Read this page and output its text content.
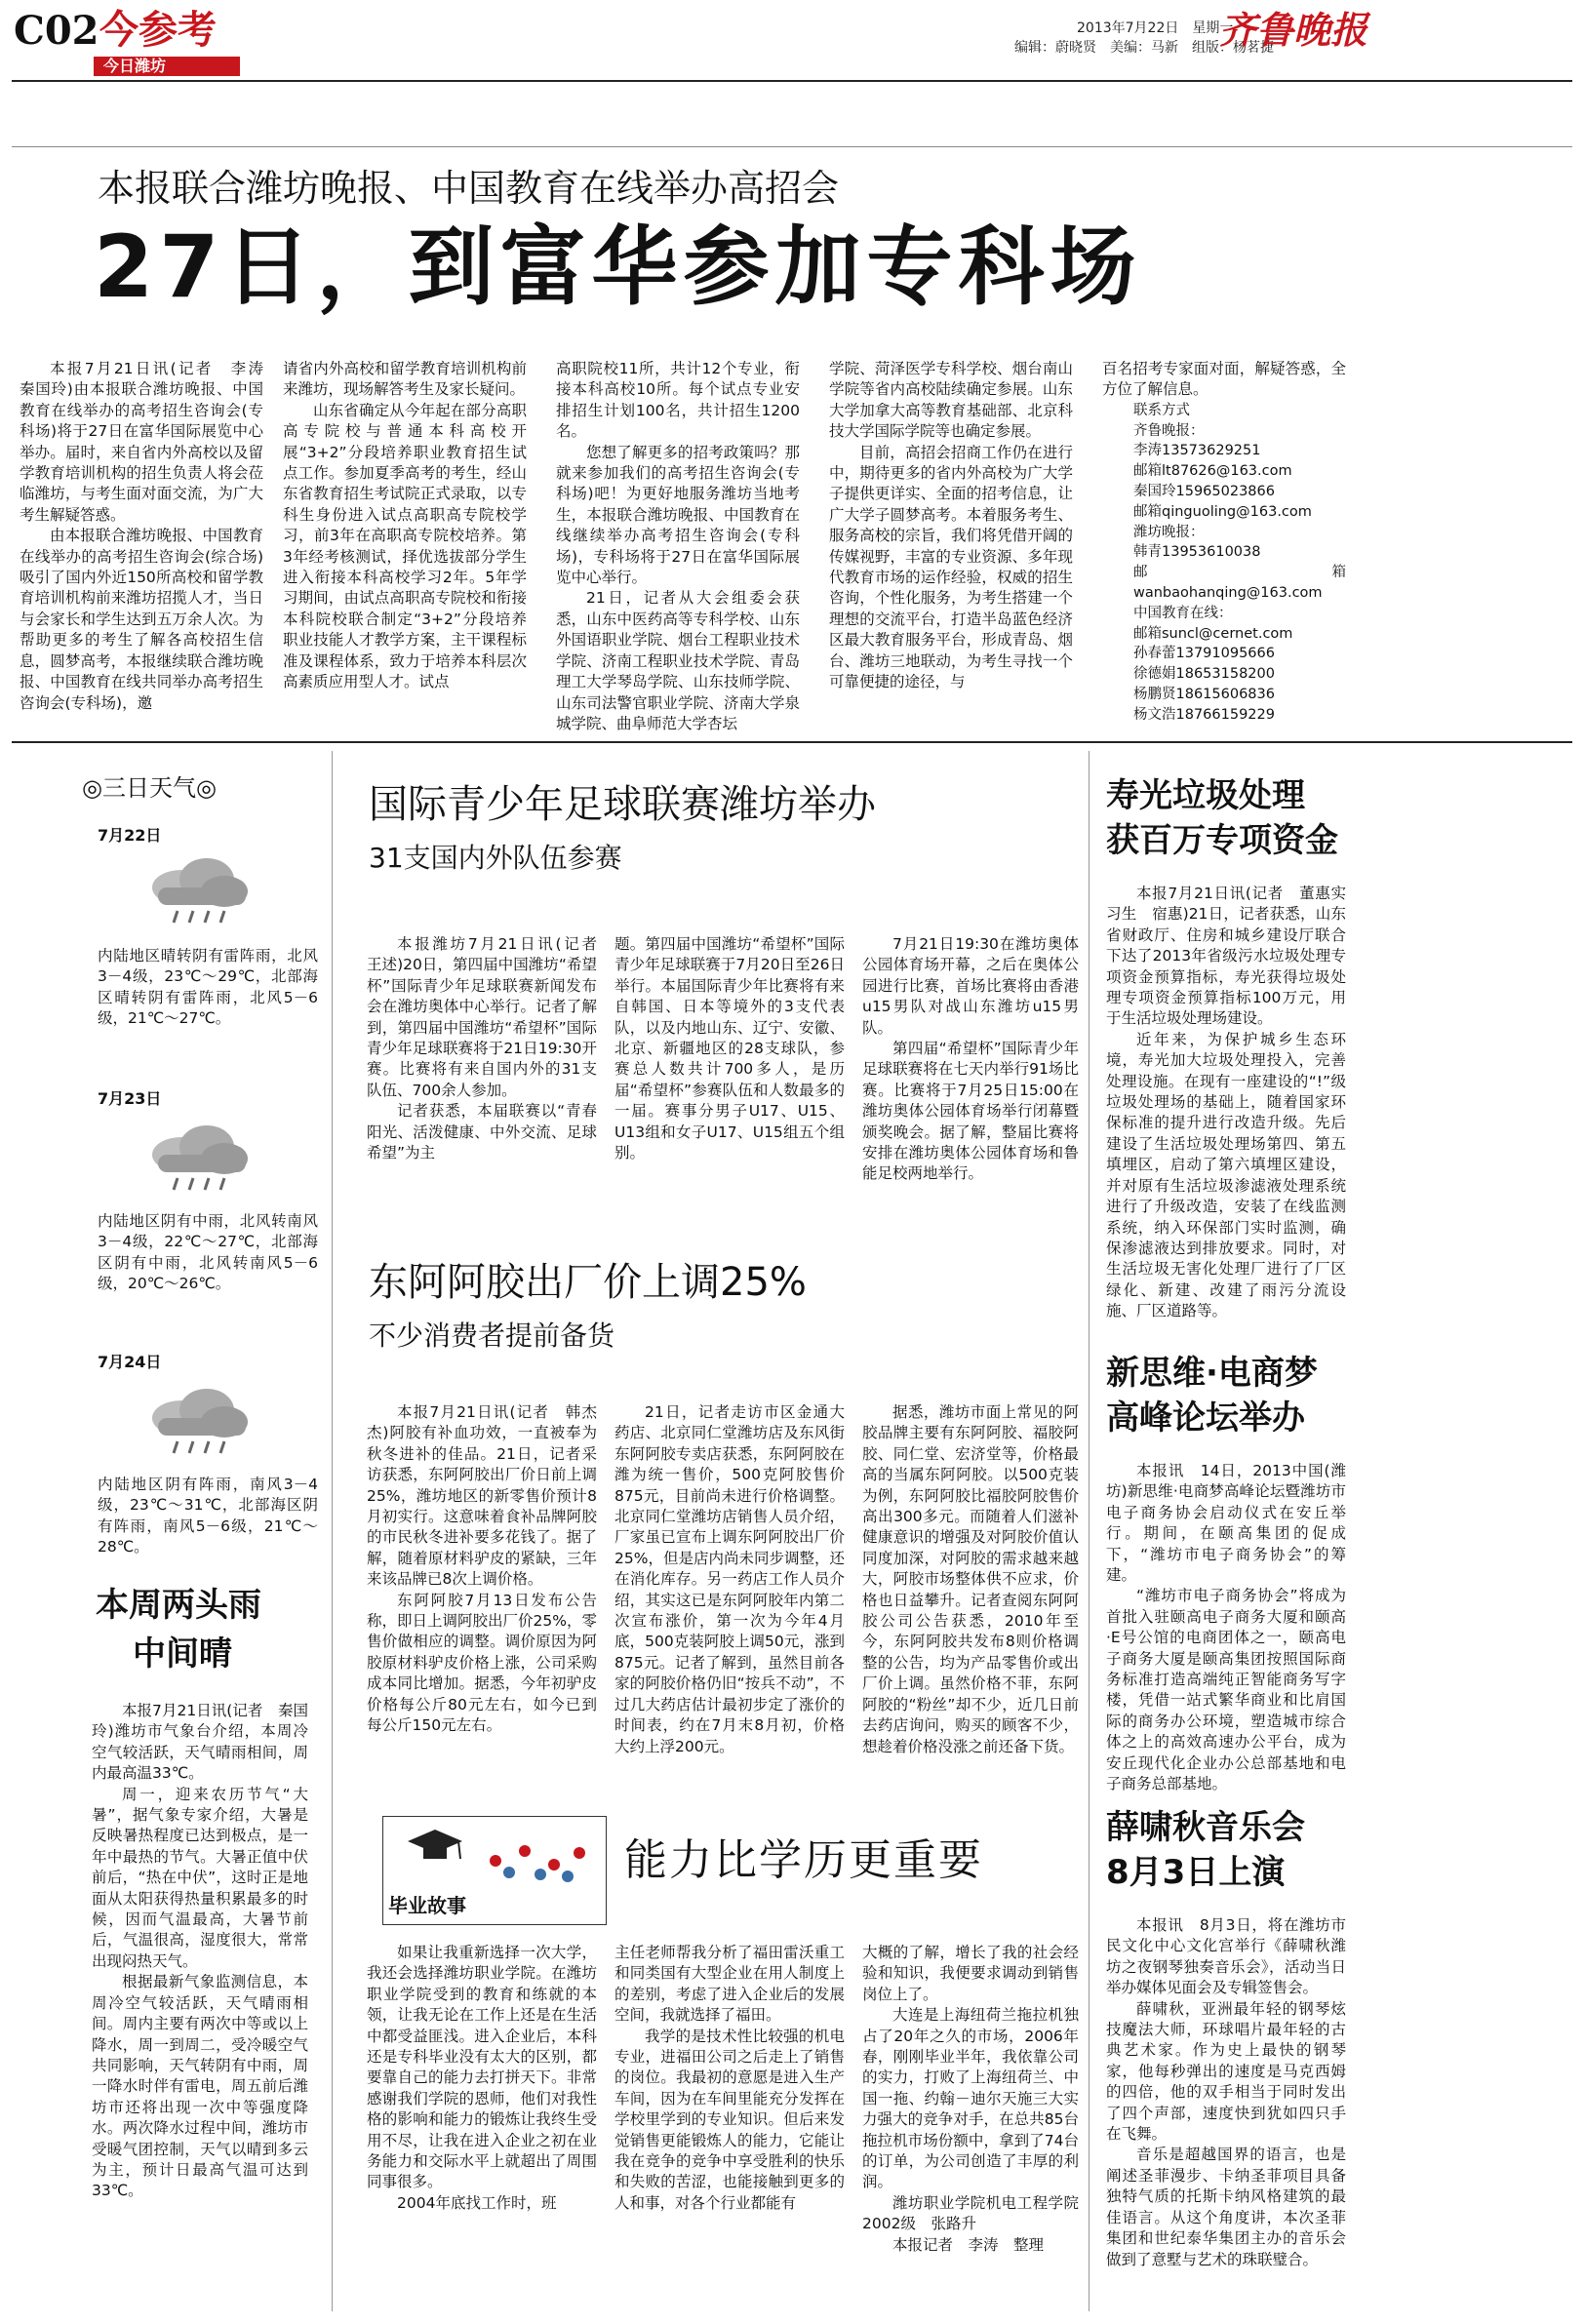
C02 今参考
今日潍坊
2013年7月22日　星期一
编辑：蔚晓贤　美编：马新　组版：杨茗捷
齐鲁晚报
本报联合潍坊晚报、中国教育在线举办高招会
27日，到富华参加专科场

本报7月21日讯(记者　李涛　秦国玲)由本报联合潍坊晚报、中国教育在线举办的高考招生咨询会(专科场)将于27日在富华国际展览中心举办。届时，来自省内外高校以及留学教育培训机构的招生负责人将会莅临潍坊，与考生面对面交流，为广大考生解疑答惑。

由本报联合潍坊晚报、中国教育在线举办的高考招生咨询会(综合场)吸引了国内外近150所高校和留学教育培训机构前来潍坊招揽人才，当日与会家长和学生达到五万余人次。为帮助更多的考生了解各高校招生信息，圆梦高考，本报继续联合潍坊晚报、中国教育在线共同举办高考招生咨询会(专科场)，邀

请省内外高校和留学教育培训机构前来潍坊，现场解答考生及家长疑问。

山东省确定从今年起在部分高职高专院校与普通本科高校开展“3+2”分段培养职业教育招生试点工作。参加夏季高考的考生，经山东省教育招生考试院正式录取，以专科生身份进入试点高职高专院校学习，前3年在高职高专院校培养。第3年经考核测试，择优选拔部分学生进入衔接本科高校学习2年。5年学习期间，由试点高职高专院校和衔接本科院校联合制定“3+2”分段培养职业技能人才教学方案，主干课程标准及课程体系，致力于培养本科层次高素质应用型人才。试点

高职院校11所，共计12个专业，衔接本科高校10所。每个试点专业安排招生计划100名，共计招生1200名。

您想了解更多的招考政策吗？那就来参加我们的高考招生咨询会(专科场)吧！为更好地服务潍坊当地考生，本报联合潍坊晚报、中国教育在线继续举办高考招生咨询会(专科场)，专科场将于27日在富华国际展览中心举行。

21日，记者从大会组委会获悉，山东中医药高等专科学校、山东外国语职业学院、烟台工程职业技术学院、济南工程职业技术学院、青岛理工大学琴岛学院、山东技师学院、山东司法警官职业学院、济南大学泉城学院、曲阜师范大学杏坛

学院、菏泽医学专科学校、烟台南山学院等省内高校陆续确定参展。山东大学加拿大高等教育基础部、北京科技大学国际学院等也确定参展。

目前，高招会招商工作仍在进行中，期待更多的省内外高校为广大学子提供更详实、全面的招考信息，让广大学子圆梦高考。本着服务考生、服务高校的宗旨，我们将凭借开阔的传媒视野，丰富的专业资源、多年现代教育市场的运作经验，权威的招生咨询，个性化服务，为考生搭建一个理想的交流平台，打造半岛蓝色经济区最大教育服务平台，形成青岛、烟台、潍坊三地联动，为考生寻找一个可靠便捷的途径，与

百名招考专家面对面，解疑答惑，全方位了解信息。

联系方式
齐鲁晚报：
李涛13573629251
邮箱lt87626@163.com
秦国玲15965023866
邮箱qinguoling@163.com
潍坊晚报：
韩青13953610038
邮箱wanbaohanqing@163.com
中国教育在线：
邮箱suncl@cernet.com
孙春蕾13791095666
徐德娟18653158200
杨鹏贤18615606836
杨文浩18766159229
◎三日天气◎
7月22日
内陆地区晴转阴有雷阵雨，北风3－4级，23℃～29℃，北部海区晴转阴有雷阵雨，北风5－6级，21℃～27℃。
7月23日
内陆地区阴有中雨，北风转南风3－4级，22℃～27℃，北部海区阴有中雨，北风转南风5－6级，20℃～26℃。
7月24日
内陆地区阴有阵雨，南风3－4级，23℃～31℃，北部海区阴有阵雨，南风5－6级，21℃～28℃。
本周两头雨
中间晴

本报7月21日讯(记者　秦国玲)潍坊市气象台介绍，本周冷空气较活跃，天气晴雨相间，周内最高温33℃。

周一，迎来农历节气“大暑”，据气象专家介绍，大暑是反映暑热程度已达到极点，是一年中最热的节气。大暑正值中伏前后，“热在中伏”，这时正是地面从太阳获得热量积累最多的时候，因而气温最高，大暑节前后，气温很高，湿度很大，常常出现闷热天气。

根据最新气象监测信息，本周冷空气较活跃，天气晴雨相间。周内主要有两次中等或以上降水，周一到周二，受冷暖空气共同影响，天气转阴有中雨，周一降水时伴有雷电，周五前后潍坊市还将出现一次中等强度降水。两次降水过程中间，潍坊市受暖气团控制，天气以晴到多云为主，预计日最高气温可达到33℃。

国际青少年足球联赛潍坊举办
31支国内外队伍参赛

本报潍坊7月21日讯(记者　王述)20日，第四届中国潍坊“希望杯”国际青少年足球联赛新闻发布会在潍坊奥体中心举行。记者了解到，第四届中国潍坊“希望杯”国际青少年足球联赛将于21日19:30开赛。比赛将有来自国内外的31支队伍、700余人参加。

记者获悉，本届联赛以“青春阳光、活泼健康、中外交流、足球希望”为主

题。第四届中国潍坊“希望杯”国际青少年足球联赛于7月20日至26日举行。本届国际青少年比赛将有来自韩国、日本等境外的3支代表队，以及内地山东、辽宁、安徽、北京、新疆地区的28支球队，参赛总人数共计700多人，是历届“希望杯”参赛队伍和人数最多的一届。赛事分男子U17、U15、U13组和女子U17、U15组五个组别。

7月21日19:30在潍坊奥体公园体育场开幕，之后在奥体公园进行比赛，首场比赛将由香港u15男队对战山东潍坊u15男队。

第四届“希望杯”国际青少年足球联赛将在七天内举行91场比赛。比赛将于7月25日15:00在潍坊奥体公园体育场举行闭幕暨颁奖晚会。据了解，整届比赛将安排在潍坊奥体公园体育场和鲁能足校两地举行。

东阿阿胶出厂价上调25%
不少消费者提前备货

本报7月21日讯(记者　韩杰杰)阿胶有补血功效，一直被奉为秋冬进补的佳品。21日，记者采访获悉，东阿阿胶出厂价日前上调25%，潍坊地区的新零售价预计8月初实行。这意味着食补品牌阿胶的市民秋冬进补要多花钱了。据了解，随着原材料驴皮的紧缺，三年来该品牌已8次上调价格。

东阿阿胶7月13日发布公告称，即日上调阿胶出厂价25%，零售价做相应的调整。调价原因为阿胶原材料驴皮价格上涨，公司采购成本同比增加。据悉，今年初驴皮价格每公斤80元左右，如今已到每公斤150元左右。

21日，记者走访市区金通大药店、北京同仁堂潍坊店及东风街东阿阿胶专卖店获悉，东阿阿胶在潍为统一售价，500克阿胶售价875元，目前尚未进行价格调整。北京同仁堂潍坊店销售人员介绍，厂家虽已宣布上调东阿阿胶出厂价25%，但是店内尚未同步调整，还在消化库存。另一药店工作人员介绍，其实这已是东阿阿胶年内第二次宣布涨价，第一次为今年4月底，500克装阿胶上调50元，涨到875元。记者了解到，虽然目前各家的阿胶价格仍旧“按兵不动”，不过几大药店估计最初步定了涨价的时间表，约在7月末8月初，价格大约上浮200元。

据悉，潍坊市面上常见的阿胶品牌主要有东阿阿胶、福胶阿胶、同仁堂、宏济堂等，价格最高的当属东阿阿胶。以500克装为例，东阿阿胶比福胶阿胶售价高出300多元。而随着人们滋补健康意识的增强及对阿胶价值认同度加深，对阿胶的需求越来越大，阿胶市场整体供不应求，价格也日益攀升。记者查阅东阿阿胶公司公告获悉，2010年至今，东阿阿胶共发布8则价格调整的公告，均为产品零售价或出厂价上调。虽然价格不菲，东阿阿胶的“粉丝”却不少，近几日前去药店询问，购买的顾客不少，想趁着价格没涨之前还备下货。

毕业故事
能力比学历更重要

如果让我重新选择一次大学，我还会选择潍坊职业学院。在潍坊职业学院受到的教育和练就的本领，让我无论在工作上还是在生活中都受益匪浅。进入企业后，本科还是专科毕业没有太大的区别，都要靠自己的能力去打拼天下。非常感谢我们学院的恩师，他们对我性格的影响和能力的锻炼让我终生受用不尽，让我在进入企业之初在业务能力和交际水平上就超出了周围同事很多。

2004年底找工作时，班

主任老师帮我分析了福田雷沃重工和同类国有大型企业在用人制度上的差别，考虑了进入企业后的发展空间，我就选择了福田。

我学的是技术性比较强的机电专业，进福田公司之后走上了销售的岗位。我最初的意愿是进入生产车间，因为在车间里能充分发挥在学校里学到的专业知识。但后来发觉销售更能锻炼人的能力，它能让我在竞争的竞争中享受胜利的快乐和失败的苦涩，也能接触到更多的人和事，对各个行业都能有

大概的了解，增长了我的社会经验和知识，我便要求调动到销售岗位上了。

大连是上海纽荷兰拖拉机独占了20年之久的市场，2006年春，刚刚毕业半年，我依靠公司的实力，打败了上海纽荷兰、中国一拖、约翰－迪尔天施三大实力强大的竞争对手，在总共85台拖拉机市场份额中，拿到了74台的订单，为公司创造了丰厚的利润。

潍坊职业学院机电工程学院2002级　张路升

本报记者　李涛　整理

寿光垃圾处理
获百万专项资金

本报7月21日讯(记者　董惠实习生　宿惠)21日，记者获悉，山东省财政厅、住房和城乡建设厅联合下达了2013年省级污水垃圾处理专项资金预算指标，寿光获得垃圾处理专项资金预算指标100万元，用于生活垃圾处理场建设。

近年来，为保护城乡生态环境，寿光加大垃圾处理投入，完善处理设施。在现有一座建设的“!”级垃圾处理场的基础上，随着国家环保标准的提升进行改造升级。先后建设了生活垃圾处理场第四、第五填埋区，启动了第六填埋区建设，并对原有生活垃圾渗滤液处理系统进行了升级改造，安装了在线监测系统，纳入环保部门实时监测，确保渗滤液达到排放要求。同时，对生活垃圾无害化处理厂进行了厂区绿化、新建、改建了雨污分流设施、厂区道路等。

新思维·电商梦
高峰论坛举办

本报讯　14日，2013中国(潍坊)新思维·电商梦高峰论坛暨潍坊市电子商务协会启动仪式在安丘举行。期间，在颐高集团的促成下，“潍坊市电子商务协会”的筹建。

“潍坊市电子商务协会”将成为首批入驻颐高电子商务大厦和颐高·E号公馆的电商团体之一，颐高电子商务大厦是颐高集团按照国际商务标准打造高端纯正智能商务写字楼，凭借一站式繁华商业和比肩国际的商务办公环境，塑造城市综合体之上的高效高速办公平台，成为安丘现代化企业办公总部基地和电子商务总部基地。

薛啸秋音乐会
8月3日上演

本报讯　8月3日，将在潍坊市民文化中心文化宫举行《薛啸秋潍坊之夜钢琴独奏音乐会》，活动当日举办媒体见面会及专辑签售会。

薛啸秋，亚洲最年轻的钢琴炫技魔法大师，环球唱片最年轻的古典艺术家。作为史上最快的钢琴家，他每秒弹出的速度是马克西姆的四倍，他的双手相当于同时发出了四个声部，速度快到犹如四只手在飞舞。

音乐是超越国界的语言，也是阐述圣菲漫步、卡纳圣菲项目具备独特气质的托斯卡纳风格建筑的最佳语言。从这个角度讲，本次圣菲集团和世纪泰华集团主办的音乐会做到了意墅与艺术的珠联璧合。
